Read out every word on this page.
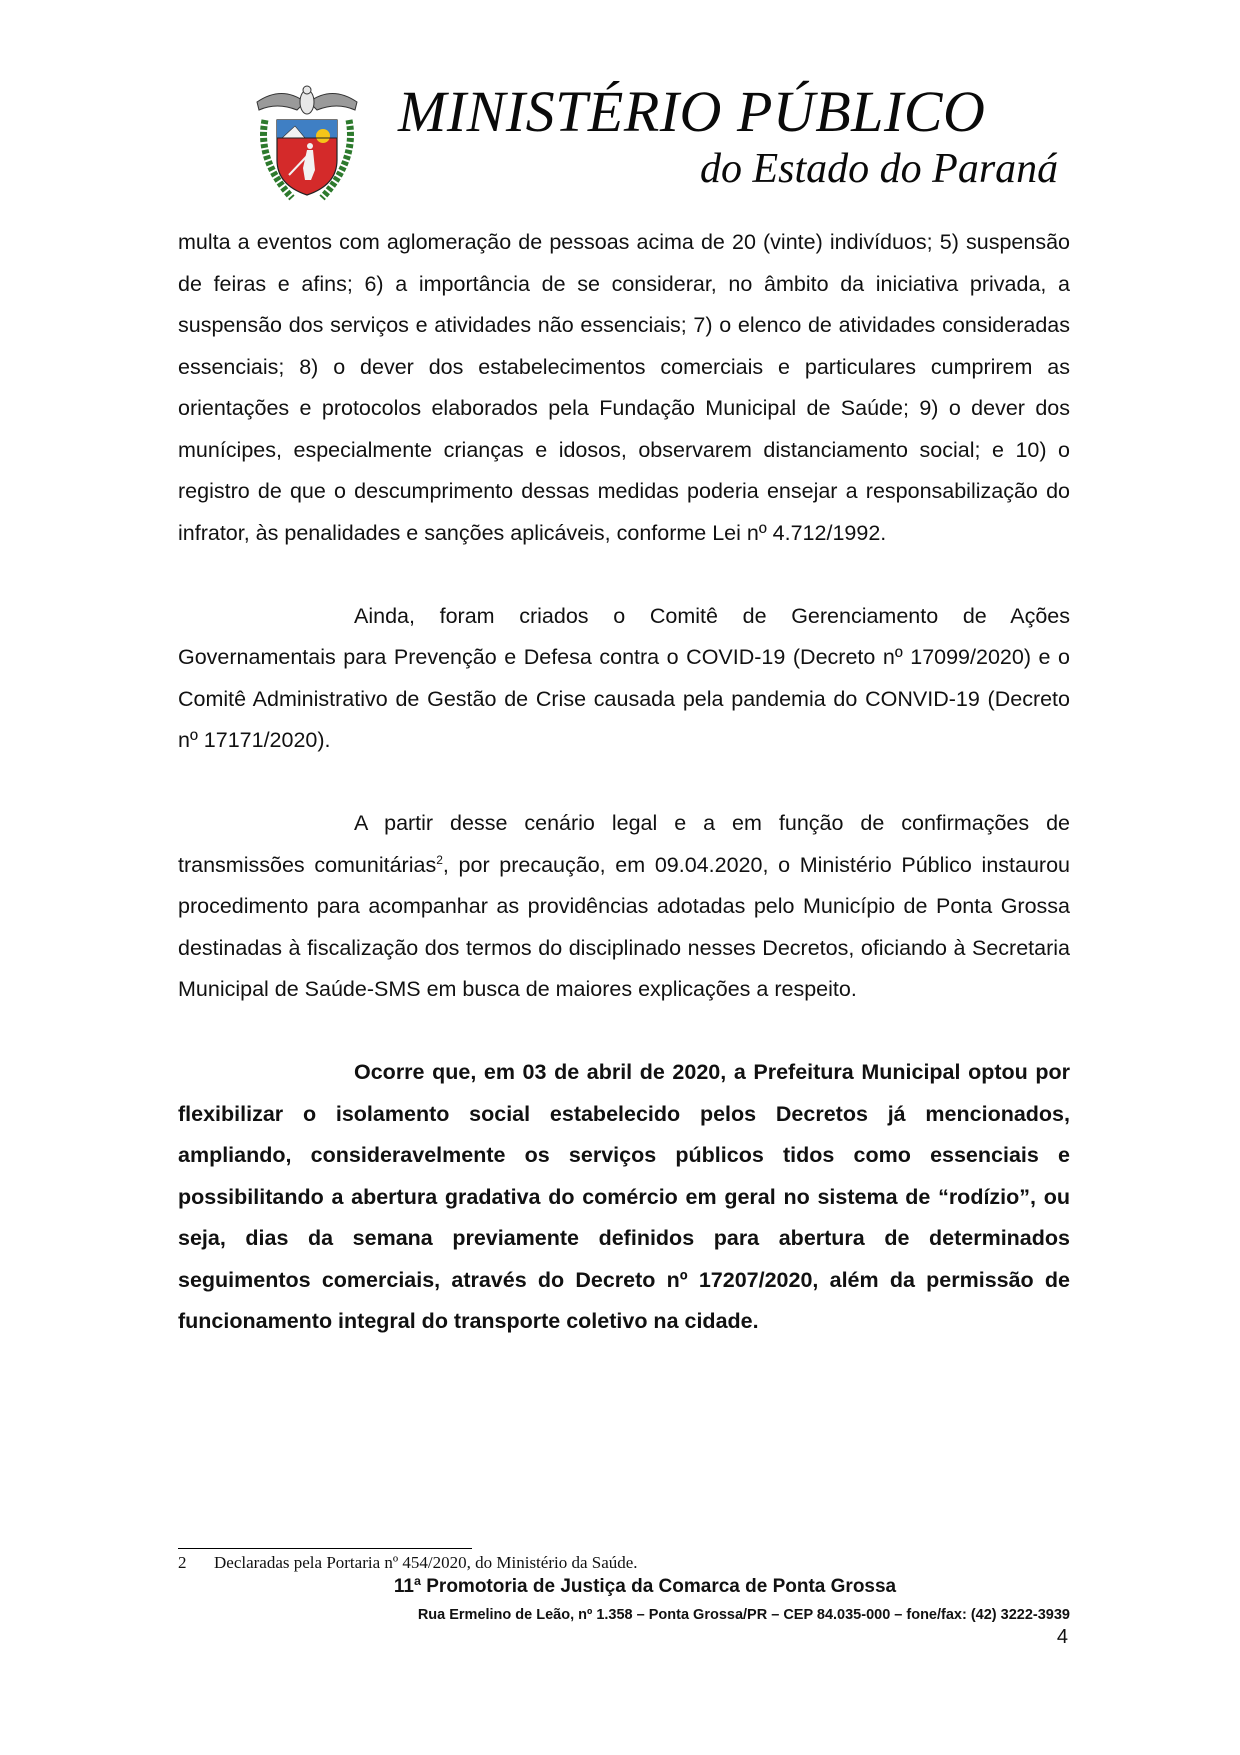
MINISTÉRIO PÚBLICO
do Estado do Paraná

multa a eventos com aglomeração de pessoas acima de 20 (vinte) indivíduos; 5) suspensão de feiras e afins; 6) a importância de se considerar, no âmbito da iniciativa privada, a suspensão dos serviços e atividades não essenciais; 7) o elenco de atividades consideradas essenciais; 8) o dever dos estabelecimentos comerciais e particulares cumprirem as orientações e protocolos elaborados pela Fundação Municipal de Saúde; 9) o dever dos munícipes, especialmente crianças e idosos, observarem distanciamento social; e 10) o registro de que o descumprimento dessas medidas poderia ensejar a responsabilização do infrator, às penalidades e sanções aplicáveis, conforme Lei nº 4.712/1992.

Ainda, foram criados o Comitê de Gerenciamento de Ações Governamentais para Prevenção e Defesa contra o COVID-19 (Decreto nº 17099/2020) e o Comitê Administrativo de Gestão de Crise causada pela pandemia do CONVID-19 (Decreto nº 17171/2020).

A partir desse cenário legal e a em função de confirmações de transmissões comunitárias$^2$, por precaução, em 09.04.2020, o Ministério Público instaurou procedimento para acompanhar as providências adotadas pelo Município de Ponta Grossa destinadas à fiscalização dos termos do disciplinado nesses Decretos, oficiando à Secretaria Municipal de Saúde-SMS em busca de maiores explicações a respeito.

Ocorre que, em 03 de abril de 2020, a Prefeitura Municipal optou por flexibilizar o isolamento social estabelecido pelos Decretos já mencionados, ampliando, consideravelmente os serviços públicos tidos como essenciais e possibilitando a abertura gradativa do comércio em geral no sistema de “rodízio”, ou seja, dias da semana previamente definidos para abertura de determinados seguimentos comerciais, através do Decreto nº 17207/2020, além da permissão de funcionamento integral do transporte coletivo na cidade.

2 Declaradas pela Portaria nº 454/2020, do Ministério da Saúde.
11ª Promotoria de Justiça da Comarca de Ponta Grossa
Rua Ermelino de Leão, nº 1.358 – Ponta Grossa/PR – CEP 84.035-000 – fone/fax: (42) 3222-3939
4
